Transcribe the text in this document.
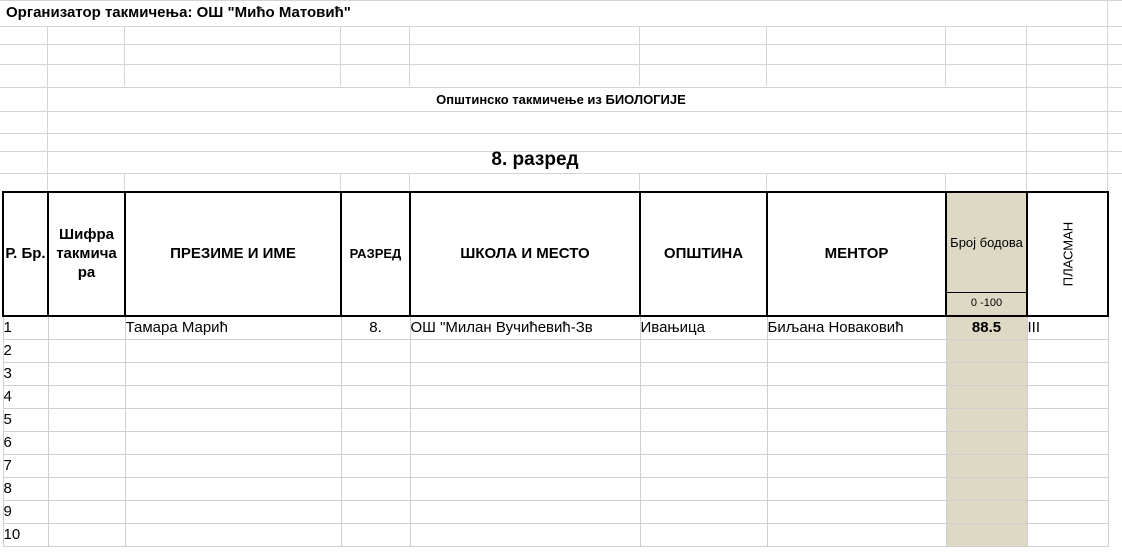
Организатор такмичења: ОШ "Мићо Матовић"
Општинско такмичење из БИОЛОГИЈЕ
8. разред
Р. Бр.	Шифра такмича ра	ПРЕЗИМЕ И ИМЕ	РАЗРЕД	ШКОЛА И МЕСТО	ОПШТИНА	МЕНТОР	Број бодова	ПЛАСМАН

							0 -100	
1		Тамара Марић	8.	ОШ "Милан Вучићевић-Зв	Ивањица	Биљана Новаковић	88.5	III
2								
3								
4								
5								
6								
7								
8								
9								
10								
